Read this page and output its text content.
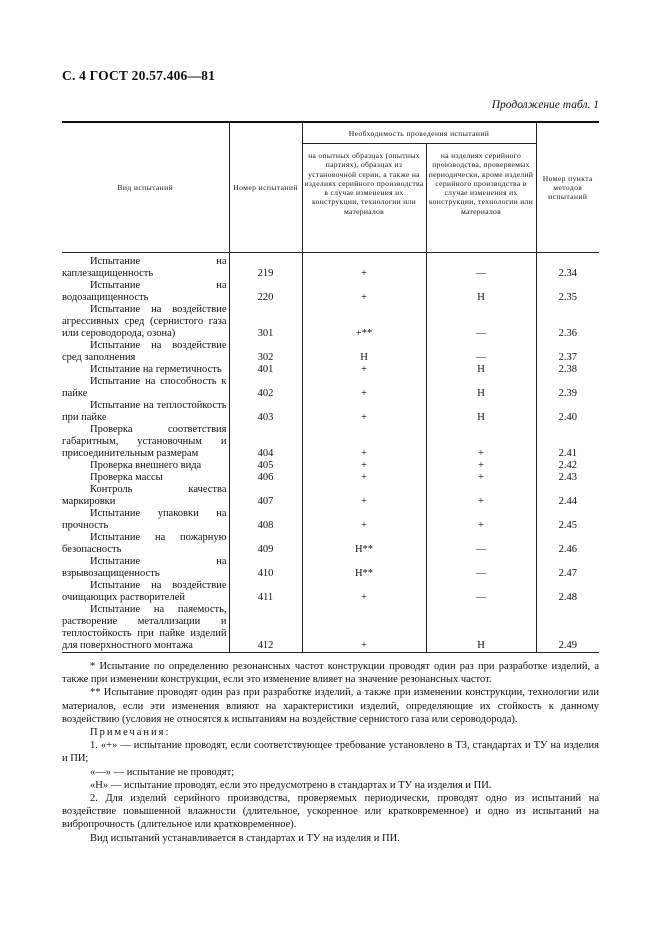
С. 4 ГОСТ 20.57.406—81
Продолжение табл. 1
Вид испытаний	Номер испытаний	Необходимость проведения испытаний		Номер пункта методов испытаний
		на опытных образцах (опытных партиях), образцах из установочной серии, а также на изделиях серийного производства в случае изменения их конструкции, технологии или материалов	на изделиях серийного производства, проверяемых периодически, кроме изделий серийного производства в случае изменения их конструкции, технологии или материалов	

Испытание на каплезащищенность	219	+	—	2.34

Испытание на водозащищенность	220	+	Н	2.35

Испытание на воздействие агрессивных сред (сернистого газа или сероводорода, озона)	301	+**	—	2.36

Испытание на воздействие сред заполнения	302	Н	—	2.37

Испытание на герметичность	401	+	Н	2.38

Испытание на способность к пайке	402	+	Н	2.39

Испытание на теплостойкость при пайке	403	+	Н	2.40

Проверка соответствия габаритным, установочным и присоединительным размерам	404	+	+	2.41

Проверка внешнего вида	405	+	+	2.42

Проверка массы	406	+	+	2.43

Контроль качества маркировки	407	+	+	2.44

Испытание упаковки на прочность	408	+	+	2.45

Испытание на пожарную безопасность	409	Н**	—	2.46

Испытание на взрывозащищенность	410	Н**	—	2.47

Испытание на воздействие очищающих растворителей	411	+	—	2.48

Испытание на паяемость, растворение металлизации и теплостойкость при пайке изделий для поверхностного монтажа	412	+	Н	2.49

* Испытание по определению резонансных частот конструкции проводят один раз при разработке изделий, а также при изменении конструкции, если это изменение влияет на значение резонансных частот.

** Испытание проводят один раз при разработке изделий, а также при изменении конструкции, технологии или материалов, если эти изменения влияют на характеристики изделий, определяющие их стойкость к данному воздействию (условия не относятся к испытаниям на воздействие сернистого газа или сероводорода).

Примечания:

1. «+» — испытание проводят, если соответствующее требование установлено в ТЗ, стандартах и ТУ на изделия и ПИ;

«—» — испытание не проводят;

«Н» — испытание проводят, если это предусмотрено в стандартах и ТУ на изделия и ПИ.

2. Для изделий серийного производства, проверяемых периодически, проводят одно из испытаний на воздействие повышенной влажности (длительное, ускоренное или кратковременное) и одно из испытаний на вибропрочность (длительное или кратковременное).

Вид испытаний устанавливается в стандартах и ТУ на изделия и ПИ.
